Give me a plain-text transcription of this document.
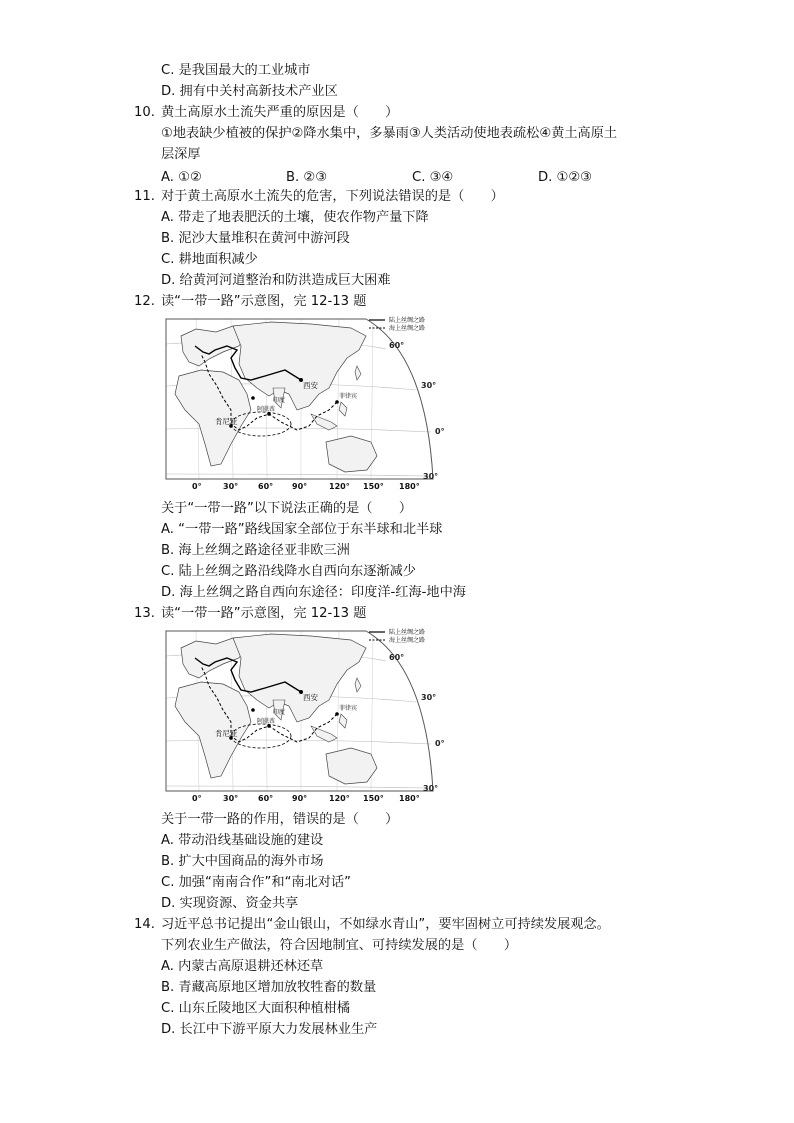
C. 是我国最大的工业城市
D. 拥有中关村高新技术产业区
10. 黄土高原水土流失严重的原因是（　　）
①地表缺少植被的保护②降水集中，多暴雨③人类活动使地表疏松④黄土高原土
层深厚
A. ①②	B. ②③	C. ③④	D. ①②③
11. 对于黄土高原水土流失的危害，下列说法错误的是（　　）
A. 带走了地表肥沃的土壤，使农作物产量下降
B. 泥沙大量堆积在黄河中游河段
C. 耕地面积减少
D. 给黄河河道整治和防洪造成巨大困难
12. 读“一带一路”示意图，完 12-13 题
西安
印度
阿联酋
肯尼亚
菲律宾
陆上丝绸之路
海上丝绸之路
60°
30°
0°
30°
0°	30° 60° 90°	120° 150° 180°
关于“一带一路”以下说法正确的是（　　）
A. “一带一路”路线国家全部位于东半球和北半球
B. 海上丝绸之路途径亚非欧三洲
C. 陆上丝绸之路沿线降水自西向东逐渐减少
D. 海上丝绸之路自西向东途径：印度洋-红海-地中海
13. 读“一带一路”示意图，完 12-13 题
西安
印度
阿联酋
肯尼亚
菲律宾
陆上丝绸之路
海上丝绸之路
60°
30°
0°
30°
0°	30° 60° 90°	120° 150° 180°
关于一带一路的作用，错误的是（　　）
A. 带动沿线基础设施的建设
B. 扩大中国商品的海外市场
C. 加强“南南合作”和“南北对话”
D. 实现资源、资金共享
14. 习近平总书记提出“金山银山，不如绿水青山”，要牢固树立可持续发展观念。
下列农业生产做法，符合因地制宜、可持续发展的是（　　）
A. 内蒙古高原退耕还林还草
B. 青藏高原地区增加放牧牲畜的数量
C. 山东丘陵地区大面积种植柑橘
D. 长江中下游平原大力发展林业生产
